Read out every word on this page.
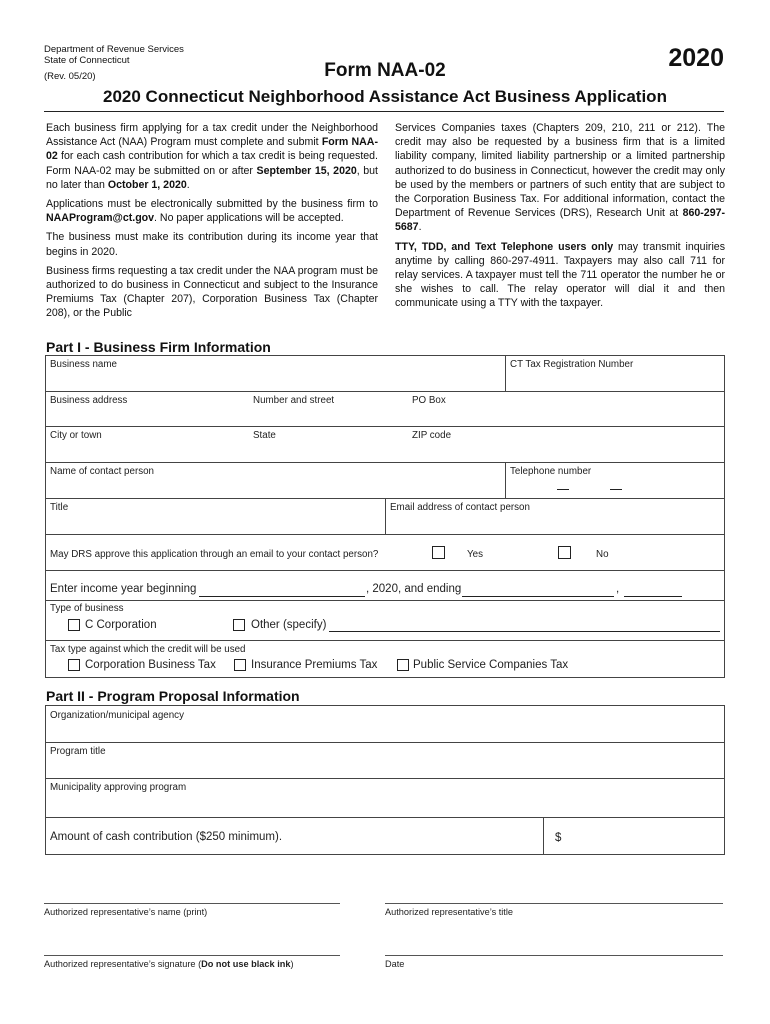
Department of Revenue Services
State of Connecticut
(Rev. 05/20)	Form NAA-02	2020
2020 Connecticut Neighborhood Assistance Act Business Application

Each business firm applying for a tax credit under the Neighborhood Assistance Act (NAA) Program must complete and submit Form NAA-02 for each cash contribution for which a tax credit is being requested. Form NAA-02 may be submitted on or after September 15, 2020, but no later than October 1, 2020.

Applications must be electronically submitted by the business firm to NAAProgram@ct.gov. No paper applications will be accepted.

The business must make its contribution during its income year that begins in 2020.

Business firms requesting a tax credit under the NAA program must be authorized to do business in Connecticut and subject to the Insurance Premiums Tax (Chapter 207), Corporation Business Tax (Chapter 208), or the Public

Services Companies taxes (Chapters 209, 210, 211 or 212). The credit may also be requested by a business firm that is a limited liability company, limited liability partnership or a limited partnership authorized to do business in Connecticut, however the credit may only be used by the members or partners of such entity that are subject to the Corporation Business Tax. For additional information, contact the Department of Revenue Services (DRS), Research Unit at 860-297-5687.

TTY, TDD, and Text Telephone users only may transmit inquiries anytime by calling 860-297-4911. Taxpayers may also call 711 for relay services. A taxpayer must tell the 711 operator the number he or she wishes to call. The relay operator will dial it and then communicate using a TTY with the taxpayer.

Part I - Business Firm Information
Business name	CT Tax Registration Number
Business address	Number and street	PO Box
City or town	State	ZIP code
Name of contact person	Telephone number
Title	Email address of contact person
May DRS approve this application through an email to your contact person?	Yes	No
Enter income year beginning	, 2020, and ending	,
Type of business
C Corporation	Other (specify)
Tax type against which the credit will be used
Corporation Business Tax	Insurance Premiums Tax	Public Service Companies Tax
Part II - Program Proposal Information
Organization/municipal agency
Program title
Municipality approving program
Amount of cash contribution ($250 minimum).	$
Authorized representative’s name (print)	Authorized representative’s title
Authorized representative’s signature (Do not use black ink)	Date
